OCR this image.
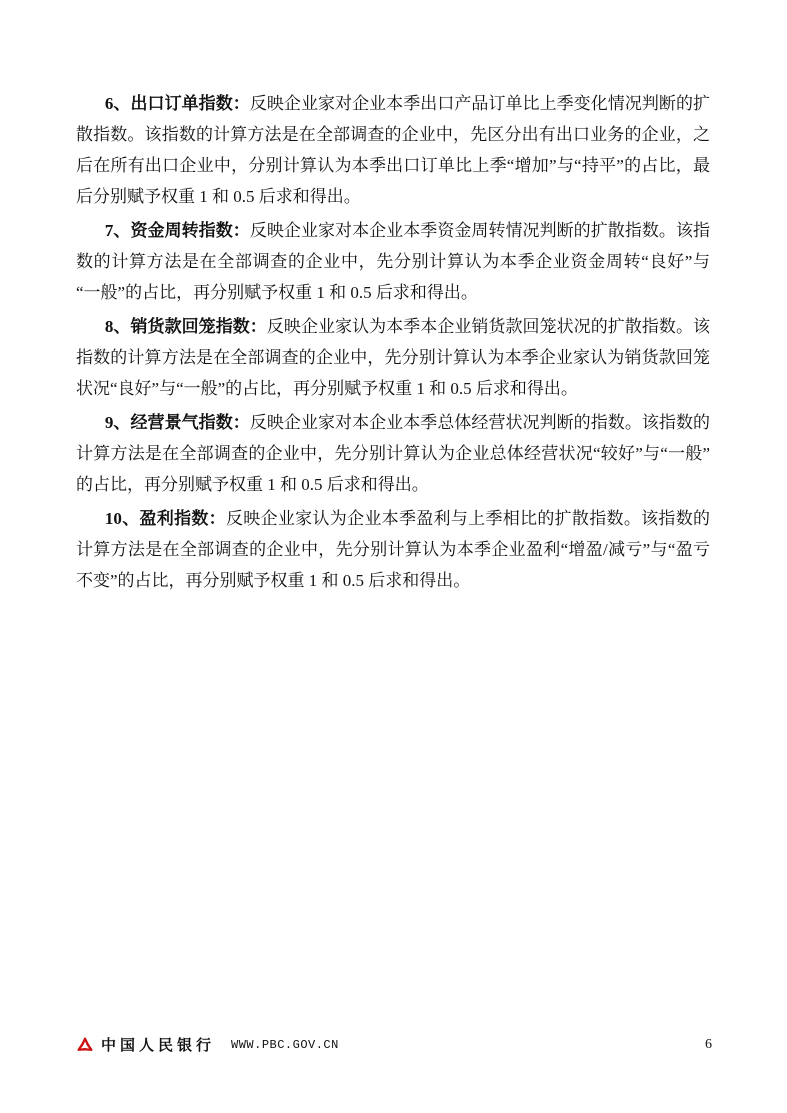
6、出口订单指数：反映企业家对企业本季出口产品订单比上季变化情况判断的扩散指数。该指数的计算方法是在全部调查的企业中，先区分出有出口业务的企业，之后在所有出口企业中，分别计算认为本季出口订单比上季“增加”与“持平”的占比，最后分别赋予权重 1 和 0.5 后求和得出。

7、资金周转指数：反映企业家对本企业本季资金周转情况判断的扩散指数。该指数的计算方法是在全部调查的企业中，先分别计算认为本季企业资金周转“良好”与“一般”的占比，再分别赋予权重 1 和 0.5 后求和得出。

8、销货款回笼指数：反映企业家认为本季本企业销货款回笼状况的扩散指数。该指数的计算方法是在全部调查的企业中，先分别计算认为本季企业家认为销货款回笼状况“良好”与“一般”的占比，再分别赋予权重 1 和 0.5 后求和得出。

9、经营景气指数：反映企业家对本企业本季总体经营状况判断的指数。该指数的计算方法是在全部调查的企业中，先分别计算认为企业总体经营状况“较好”与“一般”的占比，再分别赋予权重 1 和 0.5 后求和得出。

10、盈利指数：反映企业家认为企业本季盈利与上季相比的扩散指数。该指数的计算方法是在全部调查的企业中，先分别计算认为本季企业盈利“增盈/减亏”与“盈亏不变”的占比，再分别赋予权重 1 和 0.5 后求和得出。

中国人民银行 WWW.PBC.GOV.CN	6
